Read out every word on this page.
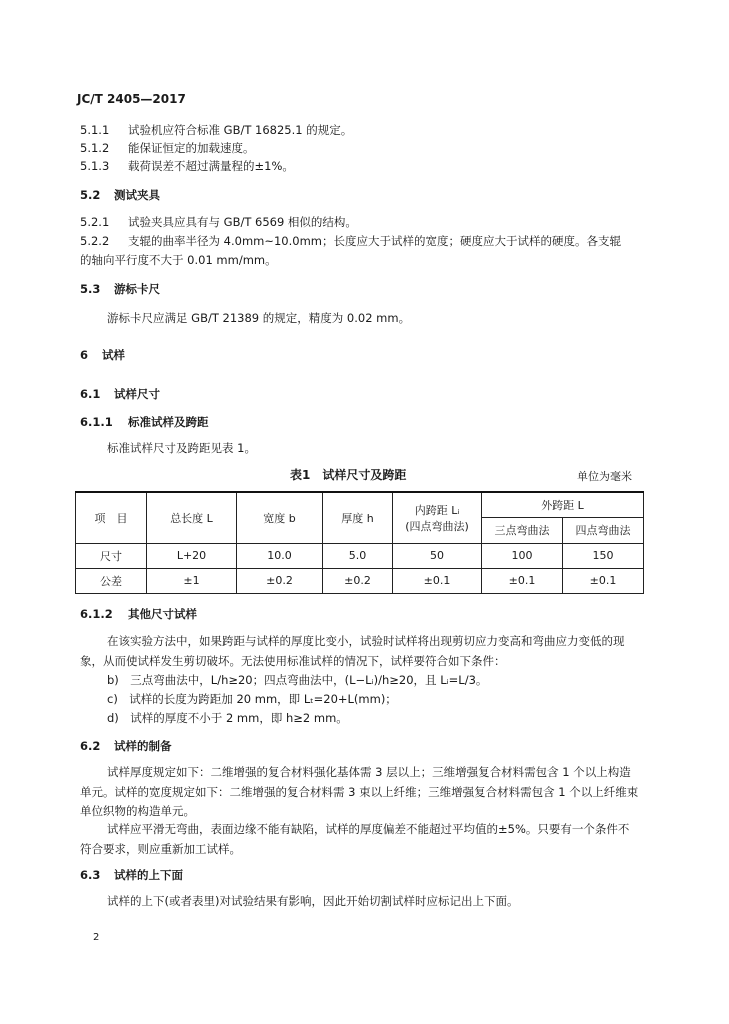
JC/T 2405—2017
5.1.1 试验机应符合标准 GB/T 16825.1 的规定。
5.1.2 能保证恒定的加载速度。
5.1.3 载荷误差不超过满量程的±1%。
5.2 测试夹具
5.2.1 试验夹具应具有与 GB/T 6569 相似的结构。
5.2.2 支辊的曲率半径为 4.0mm~10.0mm；长度应大于试样的宽度；硬度应大于试样的硬度。各支辊
的轴向平行度不大于 0.01 mm/mm。
5.3 游标卡尺
游标卡尺应满足 GB/T 21389 的规定，精度为 0.02 mm。
6 试样
6.1 试样尺寸
6.1.1 标准试样及跨距
标准试样尺寸及跨距见表 1。
表1　试样尺寸及跨距	单位为毫米
项　目	总长度 L	宽度 b	厚度 h	内跨距 Lᵢ
(四点弯曲法)	外跨距 L	
					三点弯曲法	四点弯曲法
尺寸	L+20	10.0	5.0	50	100	150
公差	±1	±0.2	±0.2	±0.1	±0.1	±0.1
6.1.2 其他尺寸试样
在该实验方法中，如果跨距与试样的厚度比变小，试验时试样将出现剪切应力变高和弯曲应力变低的现象，从而使试样发生剪切破坏。无法使用标准试样的情况下，试样要符合如下条件：
b)　三点弯曲法中，L/h≥20；四点弯曲法中，(L−Lᵢ)/h≥20，且 Lᵢ=L/3。
c)　试样的长度为跨距加 20 mm，即 Lₜ=20+L(mm)；
d)　试样的厚度不小于 2 mm，即 h≥2 mm。
6.2 试样的制备
试样厚度规定如下：二维增强的复合材料强化基体需 3 层以上；三维增强复合材料需包含 1 个以上构造单元。试样的宽度规定如下：二维增强的复合材料需 3 束以上纤维；三维增强复合材料需包含 1 个以上纤维束单位织物的构造单元。
试样应平滑无弯曲，表面边缘不能有缺陷，试样的厚度偏差不能超过平均值的±5%。只要有一个条件不符合要求，则应重新加工试样。
6.3 试样的上下面
试样的上下(或者表里)对试验结果有影响，因此开始切割试样时应标记出上下面。
2
